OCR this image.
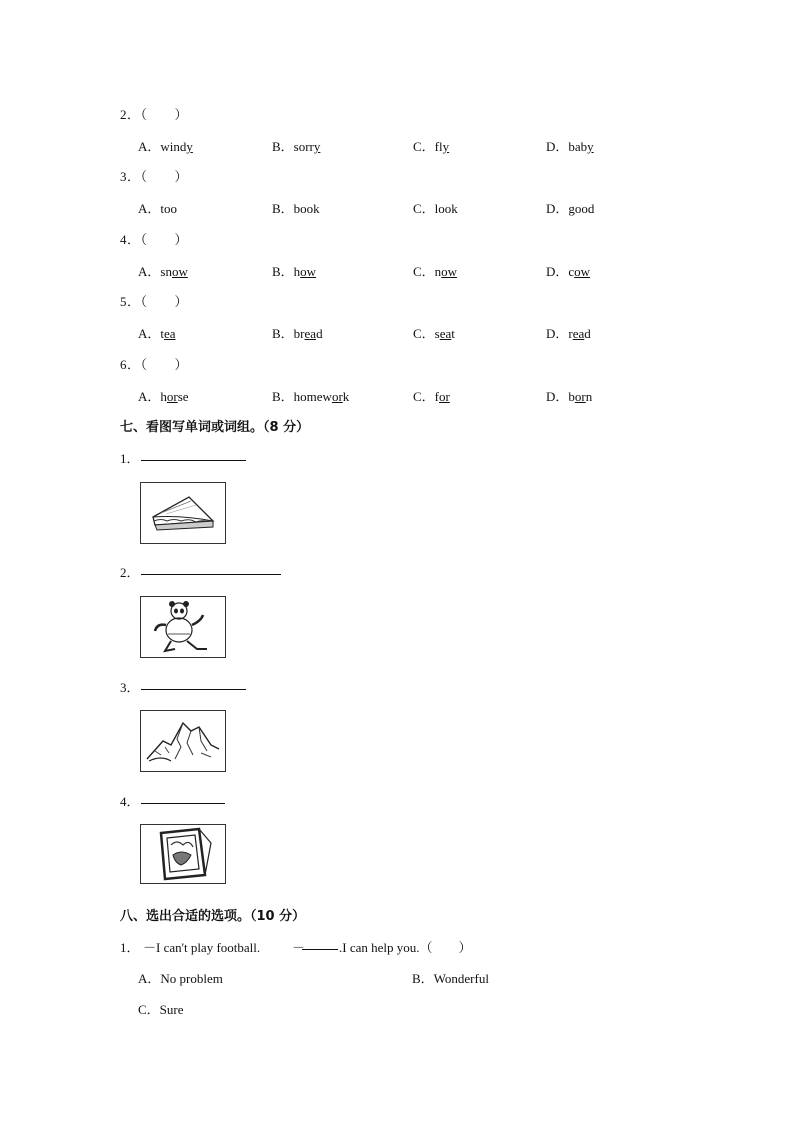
2．（　　）
A．windy	B．sorry	C．fly	D．baby
3．（　　）
A．too	B．book	C．look	D．good
4．（　　）
A．snow	B．how	C．now	D．cow
5．（　　）
A．tea	B．bread	C．seat	D．read
6．（　　）
A．horse	B．homework	C．for	D．born
七、看图写单词或词组。（8 分）
1．
2．
3．
4．
八、选出合适的选项。（10 分）
1． －I can't play football. －	.I can help you.（　　）
A．No problem	B．Wonderful
C．Sure
